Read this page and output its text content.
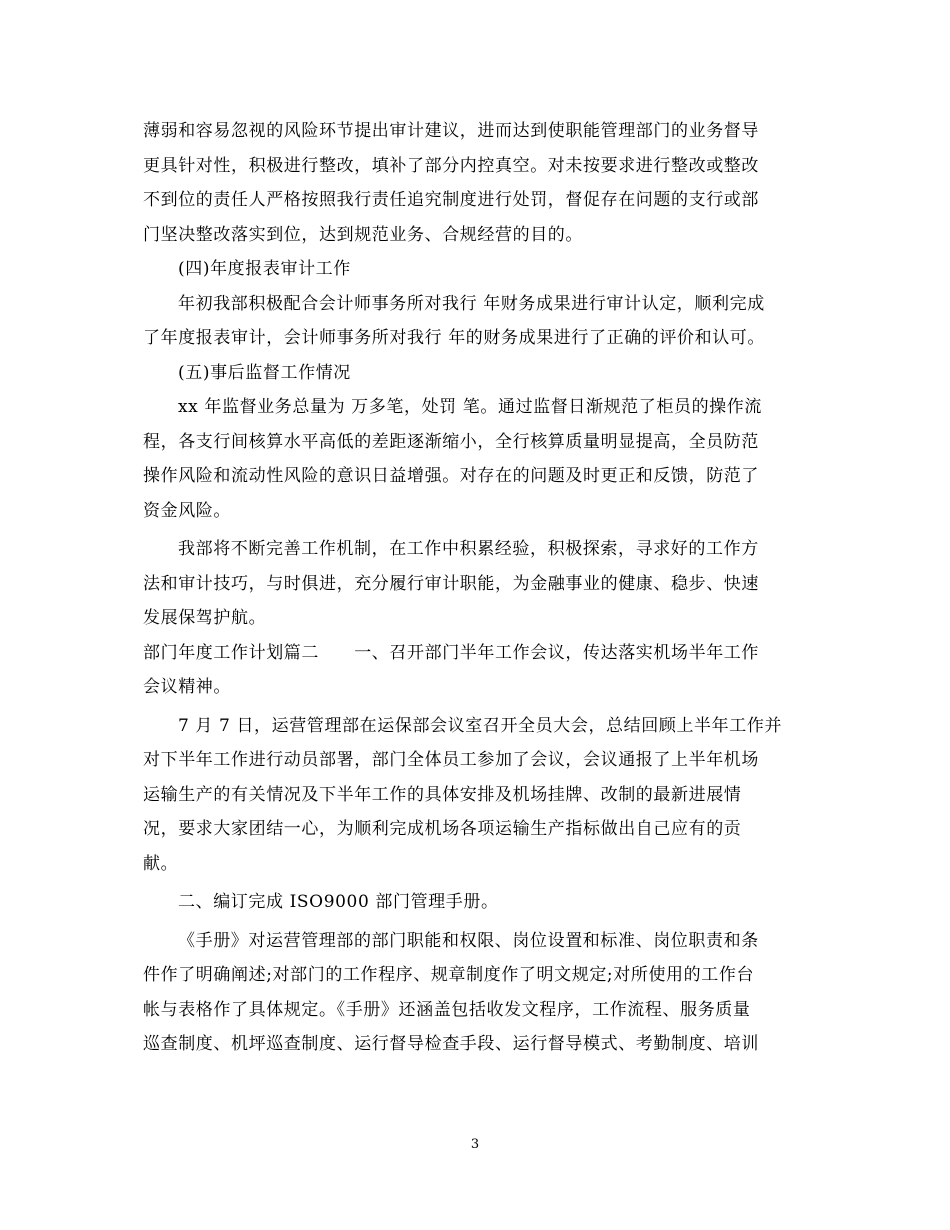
薄弱和容易忽视的风险环节提出审计建议，进而达到使职能管理部门的业务督导
更具针对性，积极进行整改，填补了部分内控真空。对未按要求进行整改或整改
不到位的责任人严格按照我行责任追究制度进行处罚，督促存在问题的支行或部
门坚决整改落实到位，达到规范业务、合规经营的目的。
(四)年度报表审计工作
年初我部积极配合会计师事务所对我行 年财务成果进行审计认定，顺利完成
了年度报表审计，会计师事务所对我行 年的财务成果进行了正确的评价和认可。
(五)事后监督工作情况
xx 年监督业务总量为 万多笔，处罚 笔。通过监督日渐规范了柜员的操作流
程，各支行间核算水平高低的差距逐渐缩小，全行核算质量明显提高，全员防范
操作风险和流动性风险的意识日益增强。对存在的问题及时更正和反馈，防范了
资金风险。
我部将不断完善工作机制，在工作中积累经验，积极探索，寻求好的工作方
法和审计技巧，与时俱进，充分履行审计职能，为金融事业的健康、稳步、快速
发展保驾护航。
部门年度工作计划篇二　　一、召开部门半年工作会议，传达落实机场半年工作
会议精神。
7 月 7 日，运营管理部在运保部会议室召开全员大会，总结回顾上半年工作并
对下半年工作进行动员部署，部门全体员工参加了会议，会议通报了上半年机场
运输生产的有关情况及下半年工作的具体安排及机场挂牌、改制的最新进展情
况，要求大家团结一心，为顺利完成机场各项运输生产指标做出自己应有的贡
献。
二、编订完成 ISO9000 部门管理手册。
《手册》对运营管理部的部门职能和权限、岗位设置和标准、岗位职责和条
件作了明确阐述;对部门的工作程序、规章制度作了明文规定;对所使用的工作台
帐与表格作了具体规定。《手册》还涵盖包括收发文程序，工作流程、服务质量
巡查制度、机坪巡查制度、运行督导检查手段、运行督导模式、考勤制度、培训
3
